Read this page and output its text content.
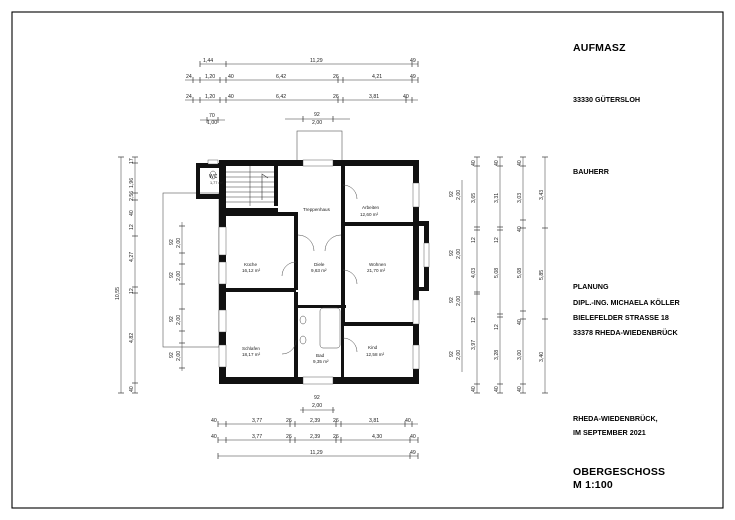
1,44	11,29	49
24	1,20 40	6,42	26	4,21	49
24	1,20 40	6,42	26	3,81	40
70
1,00
92
2,00
92
2,00
40	3,77	26	2,39 26	3,81	40
40	3,77	26	2,39 26	4,30	40
11,29	49
1,96
17
2,56
40
12
4,27
12
4,82
40
10,55
92 2,00
92 2,00
92 2,00
92 2,00
40
3,65
12
4,03
12
3,97
40
40
3,31
12
5,08
12
3,28
40
40
3,03
40
5,08
40
3,00
40
3,43
5,85
3,40
92 2,00
92 2,00
92 2,00
92 2,00
WC
1,77 m²
Treppenhaus	Arbeiten
12,60 m²
Küche
16,12 m²
Diele
9,63 m²
Wohnen
21,70 m²
Schlafen
18,17 m²	Bad
9,35 m²
Kind
12,58 m²
AUFMASZ
33330 GÜTERSLOH
BAUHERR
PLANUNG
DIPL.-ING. MICHAELA KÖLLER
BIELEFELDER STRASSE 18
33378 RHEDA-WIEDENBRÜCK
RHEDA-WIEDENBRÜCK,
IM SEPTEMBER 2021
OBERGESCHOSS
M 1:100
